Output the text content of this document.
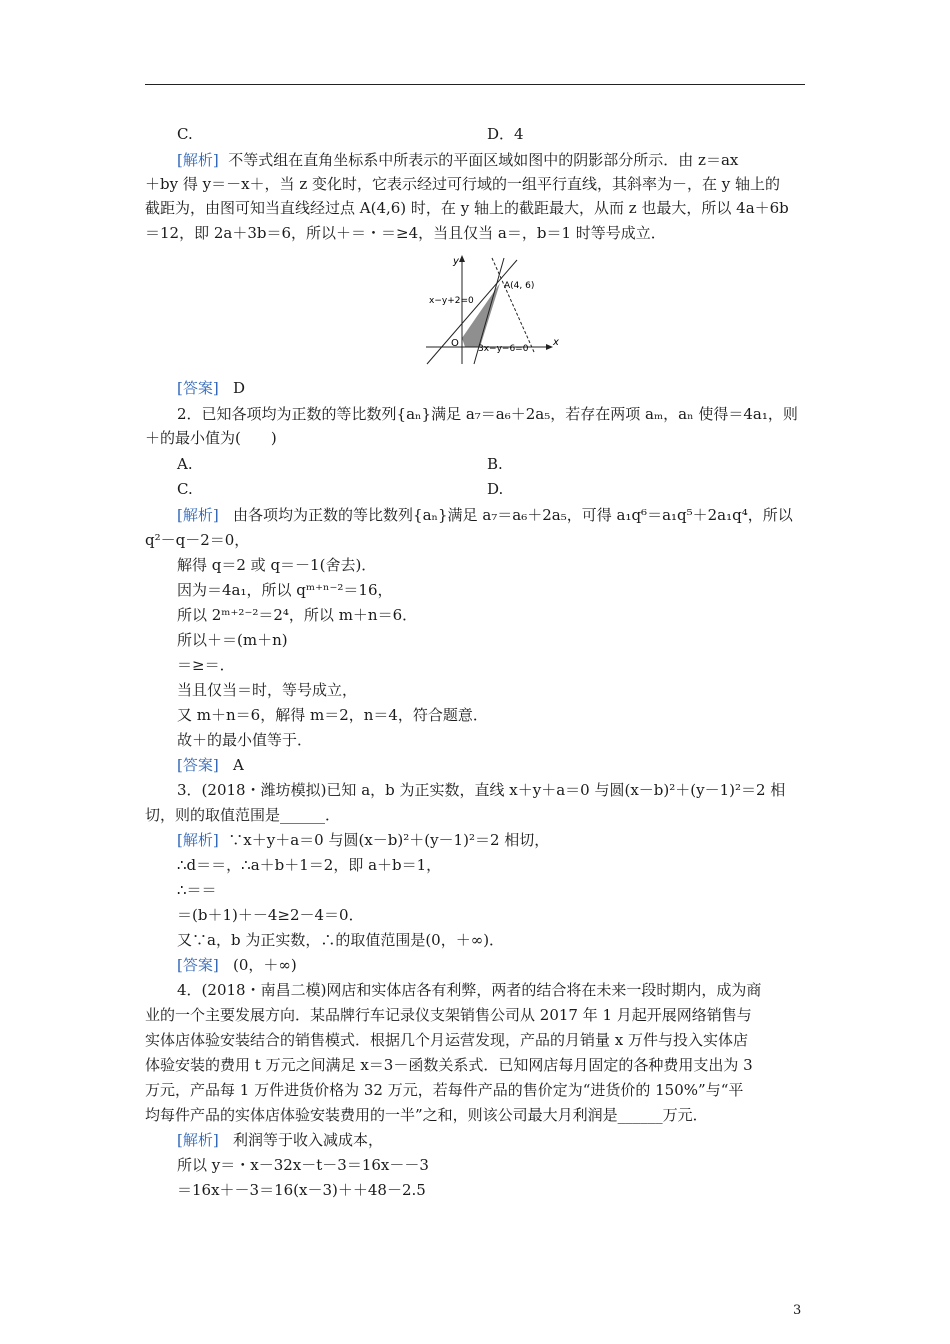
C.	D．4
[解析] 不等式组在直角坐标系中所表示的平面区域如图中的阴影部分所示．由 z＝ax
＋by 得 y＝－x＋，当 z 变化时，它表示经过可行域的一组平行直线，其斜率为－，在 y 轴上的
截距为，由图可知当直线经过点 A(4,6) 时，在 y 轴上的截距最大，从而 z 也最大，所以 4a＋6b
＝12，即 2a＋3b＝6，所以＋＝・＝≥4，当且仅当 a＝，b＝1 时等号成立．
y
x
O
x−y+2=0
3x−y−6=0
A(4, 6)
[答案] D
2．已知各项均为正数的等比数列{aₙ}满足 a₇＝a₆＋2a₅，若存在两项 aₘ，aₙ 使得＝4a₁，则
＋的最小值为(　　)
A.	B.
C.	D.
[解析] 由各项均为正数的等比数列{aₙ}满足 a₇＝a₆＋2a₅，可得 a₁q⁶＝a₁q⁵＋2a₁q⁴，所以
q²－q－2＝0，
解得 q＝2 或 q＝－1(舍去)．
因为＝4a₁，所以 qᵐ⁺ⁿ⁻²＝16，
所以 2ᵐ⁺²⁻²＝2⁴，所以 m＋n＝6．
所以＋＝(m＋n)
＝≥＝．
当且仅当＝时，等号成立，
又 m＋n＝6，解得 m＝2，n＝4，符合题意．
故＋的最小值等于．
[答案] A
3．(2018・潍坊模拟)已知 a，b 为正实数，直线 x＋y＋a＝0 与圆(x－b)²＋(y－1)²＝2 相
切，则的取值范围是______．
[解析] ∵x＋y＋a＝0 与圆(x－b)²＋(y－1)²＝2 相切，
∴d＝＝，∴a＋b＋1＝2，即 a＋b＝1，
∴＝＝
＝(b＋1)＋－4≥2－4＝0．
又∵a，b 为正实数，∴的取值范围是(0，＋∞)．
[答案] (0，＋∞)
4．(2018・南昌二模)网店和实体店各有利弊，两者的结合将在未来一段时期内，成为商
业的一个主要发展方向．某品牌行车记录仪支架销售公司从 2017 年 1 月起开展网络销售与
实体店体验安装结合的销售模式．根据几个月运营发现，产品的月销量 x 万件与投入实体店
体验安装的费用 t 万元之间满足 x＝3－函数关系式．已知网店每月固定的各种费用支出为 3
万元，产品每 1 万件进货价格为 32 万元，若每件产品的售价定为“进货价的 150%”与“平
均每件产品的实体店体验安装费用的一半”之和，则该公司最大月利润是______万元．
[解析] 利润等于收入减成本，
所以 y＝・x－32x－t－3＝16x－－3
＝16x＋－3＝16(x－3)＋＋48－2.5
3
